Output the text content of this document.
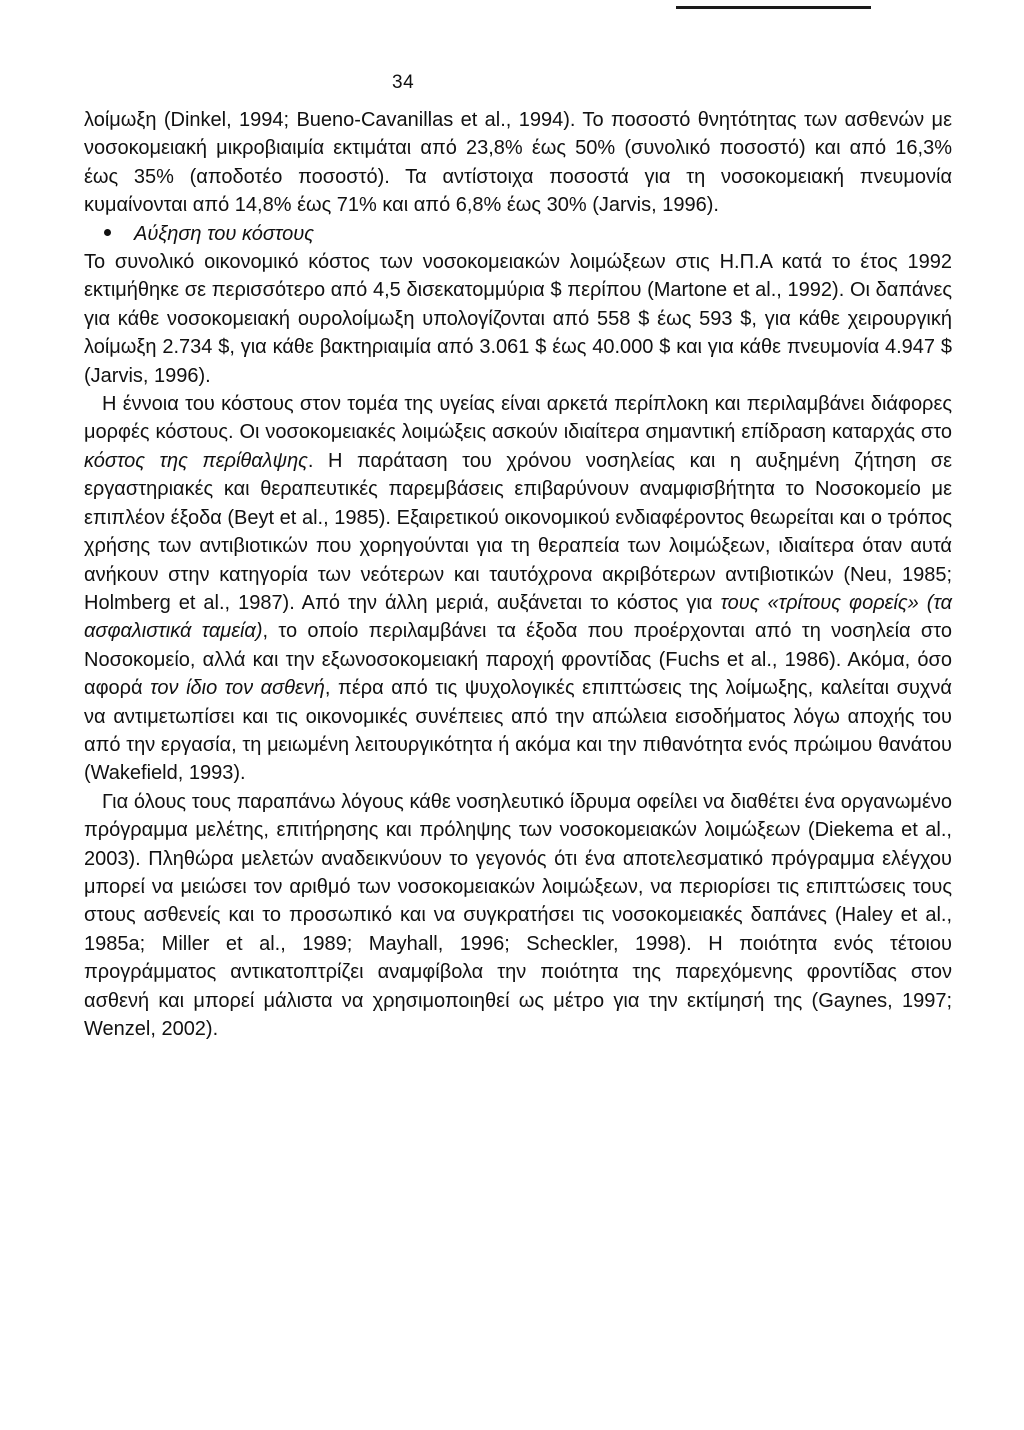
34

λοίμωξη (Dinkel, 1994; Bueno-Cavanillas et al., 1994). Το ποσοστό θνητότητας των ασθενών με νοσοκομειακή μικροβιαιμία εκτιμάται από 23,8% έως 50% (συνολικό ποσοστό) και από 16,3% έως 35% (αποδοτέο ποσοστό). Τα αντίστοιχα ποσοστά για τη νοσοκομειακή πνευμονία κυμαίνονται από 14,8% έως 71% και από 6,8% έως 30% (Jarvis, 1996).

Αύξηση του κόστους

Το συνολικό οικονομικό κόστος των νοσοκομειακών λοιμώξεων στις Η.Π.Α κατά το έτος 1992 εκτιμήθηκε σε περισσότερο από 4,5 δισεκατομμύρια $ περίπου (Martone et al., 1992). Οι δαπάνες για κάθε νοσοκομειακή ουρολοίμωξη υπολογίζονται από 558 $ έως 593 $, για κάθε χειρουργική λοίμωξη 2.734 $, για κάθε βακτηριαιμία από 3.061 $ έως 40.000 $ και για κάθε πνευμονία 4.947 $ (Jarvis, 1996).

Η έννοια του κόστους στον τομέα της υγείας είναι αρκετά περίπλοκη και περιλαμβάνει διάφορες μορφές κόστους. Οι νοσοκομειακές λοιμώξεις ασκούν ιδιαίτερα σημαντική επίδραση καταρχάς στο κόστος της περίθαλψης. Η παράταση του χρόνου νοσηλείας και η αυξημένη ζήτηση σε εργαστηριακές και θεραπευτικές παρεμβάσεις επιβαρύνουν αναμφισβήτητα το Νοσοκομείο με επιπλέον έξοδα (Beyt et al., 1985). Εξαιρετικού οικονομικού ενδιαφέροντος θεωρείται και ο τρόπος χρήσης των αντιβιοτικών που χορηγούνται για τη θεραπεία των λοιμώξεων, ιδιαίτερα όταν αυτά ανήκουν στην κατηγορία των νεότερων και ταυτόχρονα ακριβότερων αντιβιοτικών (Neu, 1985; Holmberg et al., 1987). Από την άλλη μεριά, αυξάνεται το κόστος για τους «τρίτους φορείς» (τα ασφαλιστικά ταμεία), το οποίο περιλαμβάνει τα έξοδα που προέρχονται από τη νοσηλεία στο Νοσοκομείο, αλλά και την εξωνοσοκομειακή παροχή φροντίδας (Fuchs et al., 1986). Ακόμα, όσο αφορά τον ίδιο τον ασθενή, πέρα από τις ψυχολογικές επιπτώσεις της λοίμωξης, καλείται συχνά να αντιμετωπίσει και τις οικονομικές συνέπειες από την απώλεια εισοδήματος λόγω αποχής του από την εργασία, τη μειωμένη λειτουργικότητα ή ακόμα και την πιθανότητα ενός πρώιμου θανάτου (Wakefield, 1993).

Για όλους τους παραπάνω λόγους κάθε νοσηλευτικό ίδρυμα οφείλει να διαθέτει ένα οργανωμένο πρόγραμμα μελέτης, επιτήρησης και πρόληψης των νοσοκομειακών λοιμώξεων (Diekema et al., 2003). Πληθώρα μελετών αναδεικνύουν το γεγονός ότι ένα αποτελεσματικό πρόγραμμα ελέγχου μπορεί να μειώσει τον αριθμό των νοσοκομειακών λοιμώξεων, να περιορίσει τις επιπτώσεις τους στους ασθενείς και το προσωπικό και να συγκρατήσει τις νοσοκομειακές δαπάνες (Haley et al., 1985a; Miller et al., 1989; Mayhall, 1996; Scheckler, 1998). Η ποιότητα ενός τέτοιου προγράμματος αντικατοπτρίζει αναμφίβολα την ποιότητα της παρεχόμενης φροντίδας στον ασθενή και μπορεί μάλιστα να χρησιμοποιηθεί ως μέτρο για την εκτίμησή της (Gaynes, 1997; Wenzel, 2002).
